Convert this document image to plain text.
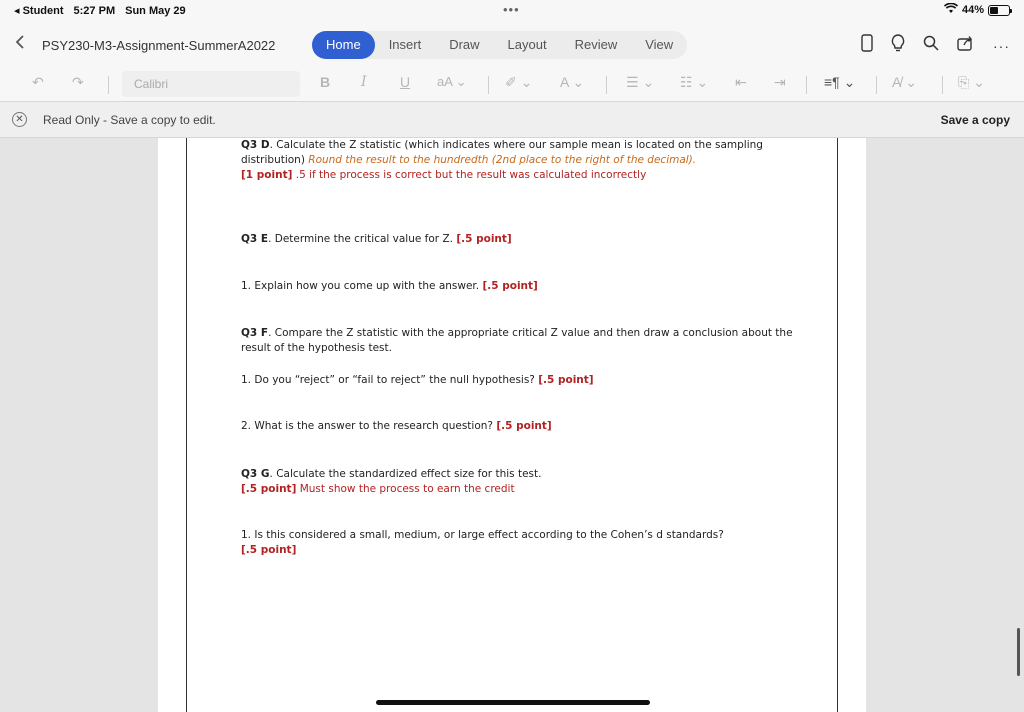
◂ Student 5:27 PM Sun May 29	•••	44%
PSY230-M3-Assignment-SummerA2022	Home	Insert	Draw	Layout	Review	View	···
↶ ↷	Calibri	B I U aA ⌄	✐ ⌄ A ⌄	☰ ⌄ ☷ ⌄ ⇤ ⇥	≡¶ ⌄	A̸ ⌄	⎘ ⌄
✕ Read Only - Save a copy to edit.	Save a copy
Q3 D. Calculate the Z statistic (which indicates where our sample mean is located on the sampling distribution) Round the result to the hundredth (2nd place to the right of the decimal).
[1 point] .5 if the process is correct but the result was calculated incorrectly
Q3 E. Determine the critical value for Z. [.5 point]
1. Explain how you come up with the answer. [.5 point]
Q3 F. Compare the Z statistic with the appropriate critical Z value and then draw a conclusion about the result of the hypothesis test.
1. Do you “reject” or “fail to reject” the null hypothesis? [.5 point]
2. What is the answer to the research question? [.5 point]
Q3 G. Calculate the standardized effect size for this test.
[.5 point] Must show the process to earn the credit
1. Is this considered a small, medium, or large effect according to the Cohen’s d standards?
[.5 point]
